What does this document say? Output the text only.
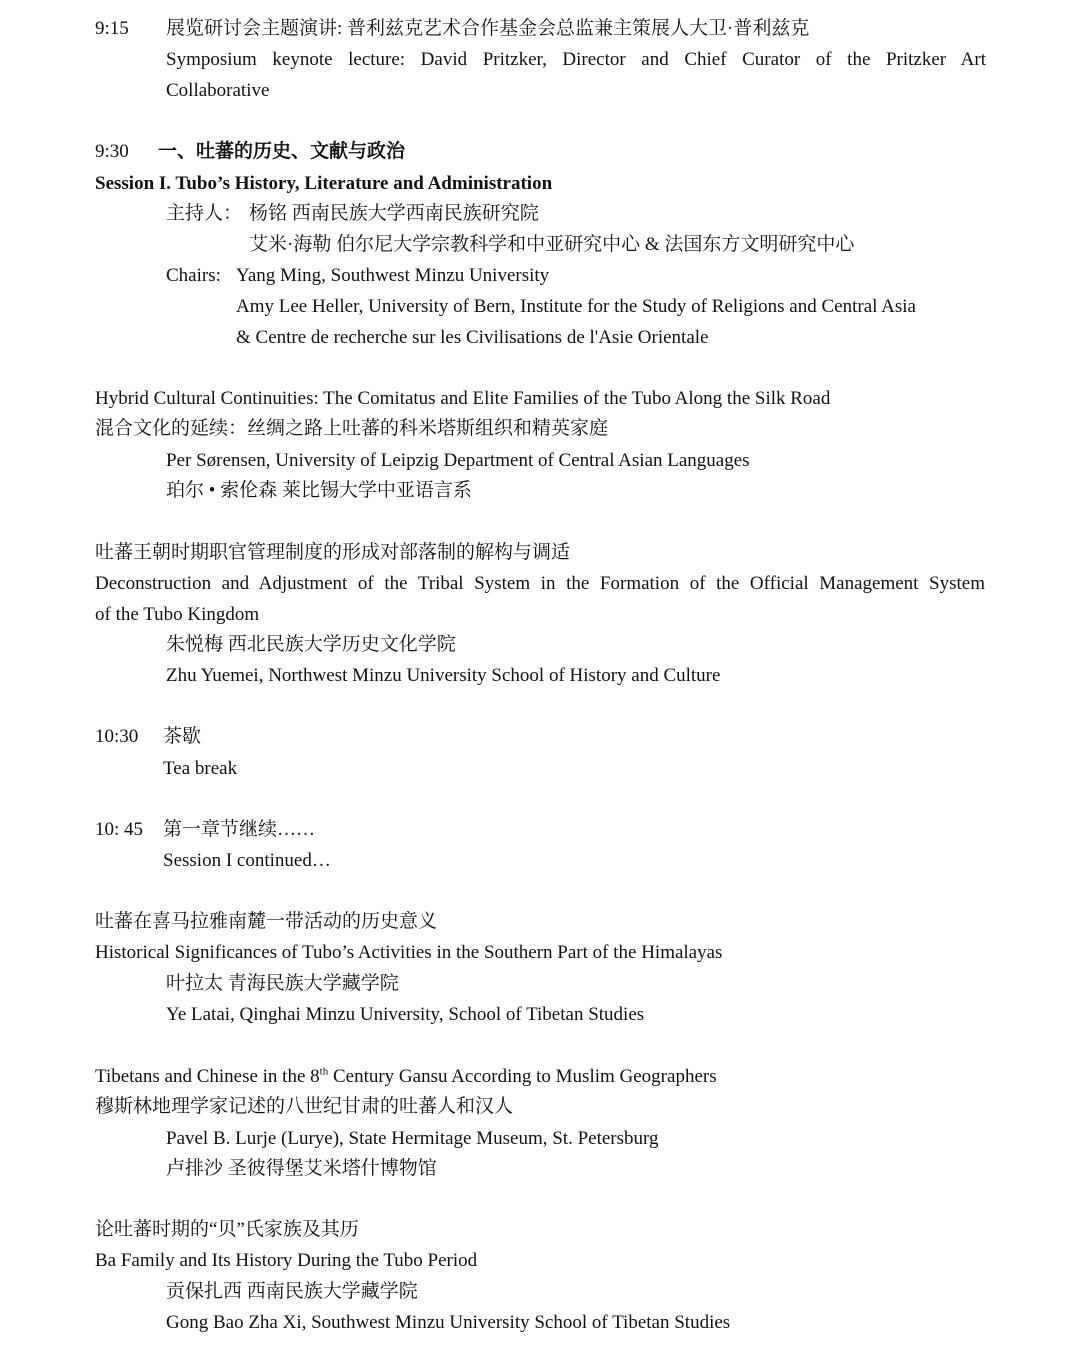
9:15 展览研讨会主题演讲: 普利兹克艺术合作基金会总监兼主策展人大卫·普利兹克
Symposium keynote lecture: David Pritzker, Director and Chief Curator of the Pritzker Art
Collaborative
9:30 一、吐蕃的历史、文献与政治
Session I. Tubo’s History, Literature and Administration
主持人： 杨铭 西南民族大学西南民族研究院
艾米·海勒 伯尔尼大学宗教科学和中亚研究中心 & 法国东方文明研究中心
Chairs: Yang Ming, Southwest Minzu University
Amy Lee Heller, University of Bern, Institute for the Study of Religions and Central Asia
& Centre de recherche sur les Civilisations de l'Asie Orientale
Hybrid Cultural Continuities: The Comitatus and Elite Families of the Tubo Along the Silk Road
混合文化的延续：丝绸之路上吐蕃的科米塔斯组织和精英家庭
Per Sørensen, University of Leipzig Department of Central Asian Languages
珀尔 • 索伦森 莱比锡大学中亚语言系
吐蕃王朝时期职官管理制度的形成对部落制的解构与调适
Deconstruction and Adjustment of the Tribal System in the Formation of the Official Management System
of the Tubo Kingdom
朱悦梅 西北民族大学历史文化学院
Zhu Yuemei, Northwest Minzu University School of History and Culture
10:30 茶歇
Tea break
10: 45 第一章节继续……
Session I continued…
吐蕃在喜马拉雅南麓一带活动的历史意义
Historical Significances of Tubo’s Activities in the Southern Part of the Himalayas
叶拉太 青海民族大学藏学院
Ye Latai, Qinghai Minzu University, School of Tibetan Studies
Tibetans and Chinese in the 8th Century Gansu According to Muslim Geographers
穆斯林地理学家记述的八世纪甘肃的吐蕃人和汉人
Pavel B. Lurje (Lurye), State Hermitage Museum, St. Petersburg
卢排沙 圣彼得堡艾米塔什博物馆
论吐蕃时期的“贝”氏家族及其历
Ba Family and Its History During the Tubo Period
贡保扎西 西南民族大学藏学院
Gong Bao Zha Xi, Southwest Minzu University School of Tibetan Studies
